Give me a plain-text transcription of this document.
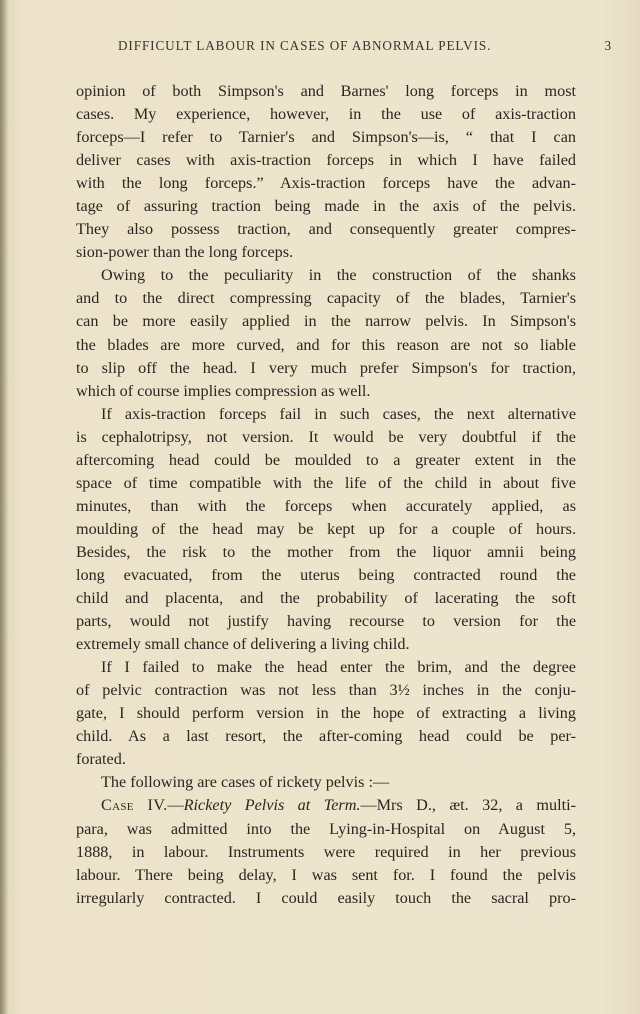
DIFFICULT LABOUR IN CASES OF ABNORMAL PELVIS.	3

opinion of both Simpson's and Barnes' long forceps in most
cases. My experience, however, in the use of axis-traction
forceps—I refer to Tarnier's and Simpson's—is, “ that I can
deliver cases with axis-traction forceps in which I have failed
with the long forceps.” Axis-traction forceps have the advan-
tage of assuring traction being made in the axis of the pelvis.
They also possess traction, and consequently greater compres-
sion-power than the long forceps.

Owing to the peculiarity in the construction of the shanks
and to the direct compressing capacity of the blades, Tarnier's
can be more easily applied in the narrow pelvis. In Simpson's
the blades are more curved, and for this reason are not so liable
to slip off the head. I very much prefer Simpson's for traction,
which of course implies compression as well.

If axis-traction forceps fail in such cases, the next alternative
is cephalotripsy, not version. It would be very doubtful if the
aftercoming head could be moulded to a greater extent in the
space of time compatible with the life of the child in about five
minutes, than with the forceps when accurately applied, as
moulding of the head may be kept up for a couple of hours.
Besides, the risk to the mother from the liquor amnii being
long evacuated, from the uterus being contracted round the
child and placenta, and the probability of lacerating the soft
parts, would not justify having recourse to version for the
extremely small chance of delivering a living child.

If I failed to make the head enter the brim, and the degree
of pelvic contraction was not less than 3½ inches in the conju-
gate, I should perform version in the hope of extracting a living
child. As a last resort, the after-coming head could be per-
forated.

The following are cases of rickety pelvis :—

Case IV.—Rickety Pelvis at Term.—Mrs D., æt. 32, a multi-
para, was admitted into the Lying-in-Hospital on August 5,
1888, in labour. Instruments were required in her previous
labour. There being delay, I was sent for. I found the pelvis
irregularly contracted. I could easily touch the sacral pro-
